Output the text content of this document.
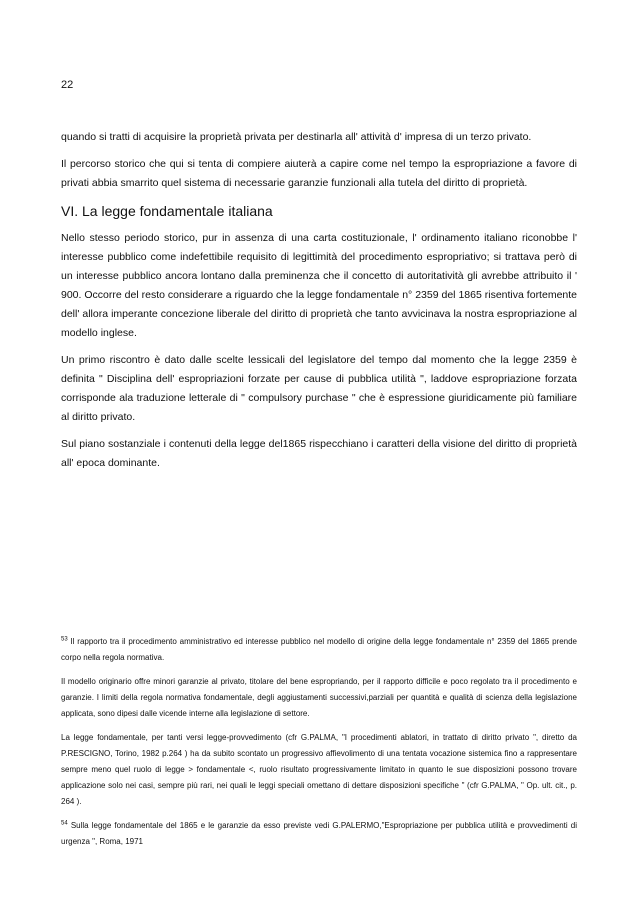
22

quando si tratti di acquisire la proprietà privata per destinarla all' attività d' impresa di un terzo privato.

Il percorso storico che qui si tenta di compiere aiuterà a capire come nel tempo la espropriazione a favore di privati abbia smarrito quel sistema di necessarie garanzie funzionali alla tutela del diritto di proprietà.

VI. La legge fondamentale italiana

Nello stesso periodo storico, pur in assenza di una carta costituzionale, l' ordinamento italiano riconobbe l' interesse pubblico come indefettibile requisito di legittimità del procedimento espropriativo; si trattava però di un interesse pubblico ancora lontano dalla preminenza che il concetto di autoritatività gli avrebbe attribuito il ' 900. Occorre del resto considerare a riguardo che la legge fondamentale n° 2359 del 1865 risentiva fortemente dell' allora imperante concezione liberale del diritto di proprietà che tanto avvicinava la nostra espropriazione al modello inglese.

Un primo riscontro è dato dalle scelte lessicali del legislatore del tempo dal momento che la legge 2359 è definita " Disciplina dell' espropriazioni forzate per cause di pubblica utilità ", laddove espropriazione forzata corrisponde ala traduzione letterale di " compulsory purchase " che è espressione giuridicamente più familiare al diritto privato.

Sul piano sostanziale i contenuti della legge del1865 rispecchiano i caratteri della visione del diritto di proprietà all' epoca dominante.

$^{53}$ Il rapporto tra il procedimento amministrativo ed interesse pubblico nel modello di origine della legge fondamentale n° 2359 del 1865 prende corpo nella regola normativa.

Il modello originario offre minori garanzie al privato, titolare del bene espropriando, per il rapporto difficile e poco regolato tra il procedimento e garanzie. I limiti della regola normativa fondamentale, degli aggiustamenti successivi,parziali per quantità e qualità di scienza della legislazione applicata, sono dipesi dalle vicende interne alla legislazione di settore.

La legge fondamentale, per tanti versi legge-provvedimento (cfr G.PALMA, "I procedimenti ablatori, in trattato di diritto privato ", diretto da P.RESCIGNO, Torino, 1982 p.264 ) ha da subito scontato un progressivo affievolimento di una tentata vocazione sistemica fino a rappresentare sempre meno quel ruolo di legge > fondamentale <, ruolo risultato progressivamente limitato in quanto le sue disposizioni possono trovare applicazione solo nei casi, sempre più rari, nei quali le leggi speciali omettano di dettare disposizioni specifiche " (cfr G.PALMA, " Op. ult. cit., p. 264 ).

$^{54}$ Sulla legge fondamentale del 1865 e le garanzie da esso previste vedi G.PALERMO,"Espropriazione per pubblica utilità e provvedimenti di urgenza ", Roma, 1971
